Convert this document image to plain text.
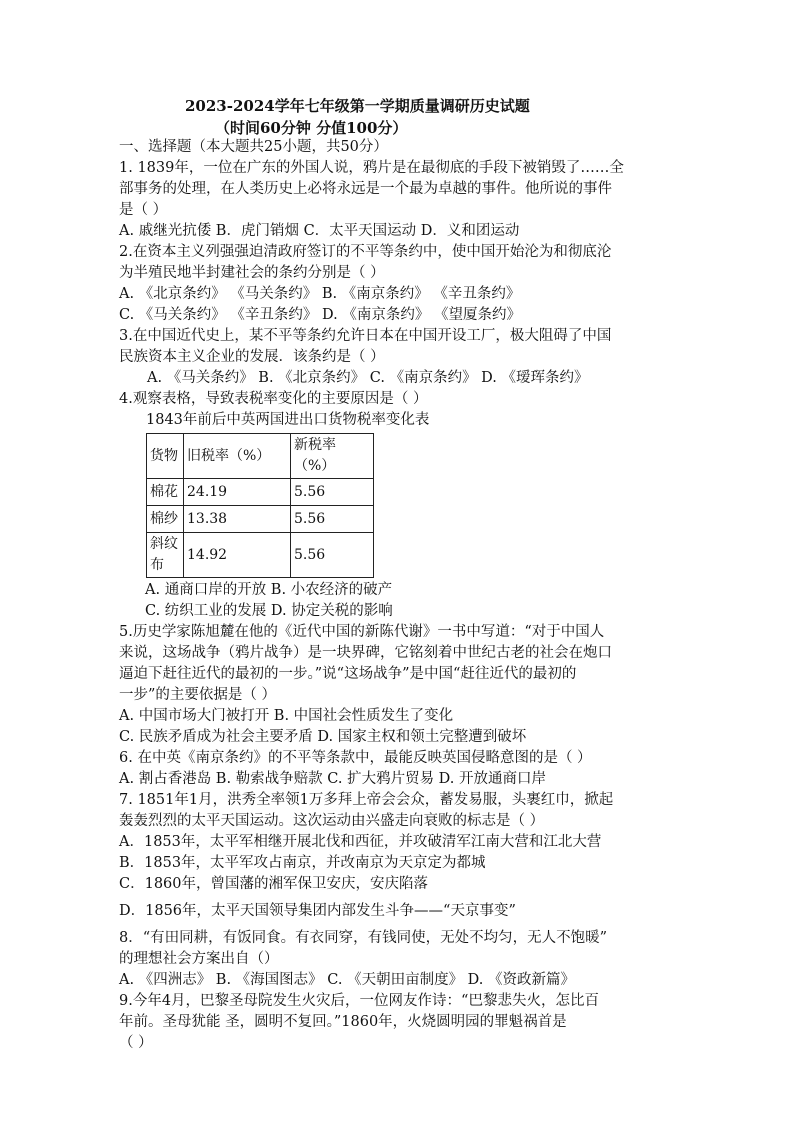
2023-2024学年七年级第一学期质量调研历史试题
（时间60分钟 分值100分）
一、选择题（本大题共25小题，共50分）
1. 1839年，一位在广东的外国人说，鸦片是在最彻底的手段下被销毁了……全
部事务的处理，在人类历史上必将永远是一个最为卓越的事件。他所说的事件
是（ ）
A. 戚继光抗倭 B．虎门销烟 C．太平天国运动 D．义和团运动
2.在资本主义列强强迫清政府签订的不平等条约中，使中国开始沦为和彻底沦
为半殖民地半封建社会的条约分别是（ ）
A. 《北京条约》 《马关条约》 B. 《南京条约》 《辛丑条约》
C. 《马关条约》 《辛丑条约》 D. 《南京条约》 《望厦条约》
3.在中国近代史上，某不平等条约允许日本在中国开设工厂，极大阻碍了中国
民族资本主义企业的发展．该条约是（ ）
A. 《马关条约》 B. 《北京条约》 C. 《南京条约》 D. 《瑷珲条约》
4.观察表格，导致表税率变化的主要原因是（ ）
1843年前后中英两国进出口货物税率变化表
货物	旧税率（%）	新税率（%）
棉花	24.19	5.56
棉纱	13.38	5.56
斜纹布	14.92	5.56
A. 通商口岸的开放 B. 小农经济的破产
C. 纺织工业的发展 D. 协定关税的影响
5.历史学家陈旭麓在他的《近代中国的新陈代谢》一书中写道：“对于中国人
来说，这场战争（鸦片战争）是一块界碑，它铭刻着中世纪古老的社会在炮口
逼迫下赶往近代的最初的一步。”说“这场战争”是中国“赶往近代的最初的
一步”的主要依据是（ ）
A. 中国市场大门被打开 B. 中国社会性质发生了变化
C. 民族矛盾成为社会主要矛盾 D. 国家主权和领土完整遭到破坏
6. 在中英《南京条约》的不平等条款中，最能反映英国侵略意图的是（ ）
A. 割占香港岛 B. 勒索战争赔款 C. 扩大鸦片贸易 D. 开放通商口岸
7. 1851年1月，洪秀全率领1万多拜上帝会会众，蓄发易服，头裹红巾，掀起
轰轰烈烈的太平天国运动。这次运动由兴盛走向衰败的标志是（ ）
A．1853年，太平军相继开展北伐和西征，并攻破清军江南大营和江北大营
B．1853年，太平军攻占南京，并改南京为天京定为都城
C．1860年，曾国藩的湘军保卫安庆，安庆陷落
D．1856年，太平天国领导集团内部发生斗争——“天京事变”
8．“有田同耕，有饭同食。有衣同穿，有钱同使，无处不均匀，无人不饱暖”
的理想社会方案出自（）
A. 《四洲志》 B. 《海国图志》 C. 《天朝田亩制度》 D. 《资政新篇》
9.今年4月，巴黎圣母院发生火灾后，一位网友作诗：“巴黎悲失火，怎比百
年前。圣母犹能 圣，圆明不复回。”1860年，火烧圆明园的罪魁祸首是
（ ）
